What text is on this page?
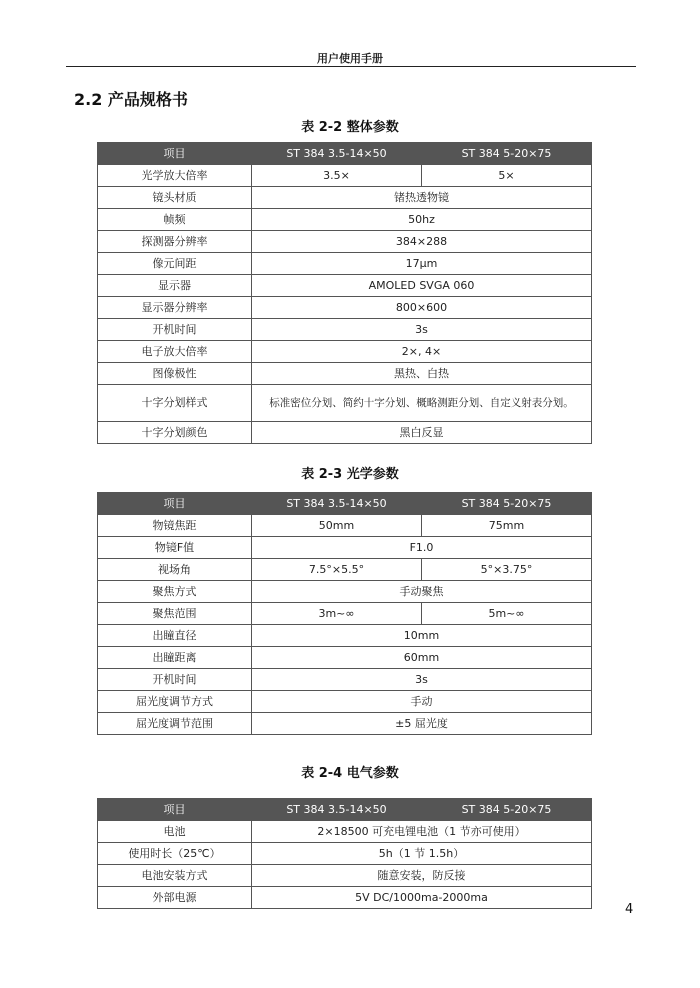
用户使用手册
2.2 产品规格书
表 2-2 整体参数
项目	ST 384 3.5-14×50	ST 384 5-20×75
光学放大倍率	3.5×	5×
镜头材质	锗热透物镜	
帧频	50hz	
探测器分辨率	384×288	
像元间距	17μm	
显示器	AMOLED SVGA 060	
显示器分辨率	800×600	
开机时间	3s	
电子放大倍率	2×, 4×	
图像极性	黑热、白热	
十字分划样式	标准密位分划、简约十字分划、概略测距分划、自定义射表分划。	
十字分划颜色	黑白反显	
表 2-3 光学参数
项目	ST 384 3.5-14×50	ST 384 5-20×75
物镜焦距	50mm	75mm
物镜F值	F1.0	
视场角	7.5°×5.5°	5°×3.75°
聚焦方式	手动聚焦	
聚焦范围	3m~∞	5m~∞
出瞳直径	10mm	
出瞳距离	60mm	
开机时间	3s	
屈光度调节方式	手动	
屈光度调节范围	±5 屈光度	
表 2-4 电气参数
项目	ST 384 3.5-14×50	ST 384 5-20×75
电池	2×18500 可充电锂电池（1 节亦可使用）	
使用时长（25℃）	5h（1 节 1.5h）	
电池安装方式	随意安装，防反接	
外部电源	5V DC/1000ma-2000ma	
4
